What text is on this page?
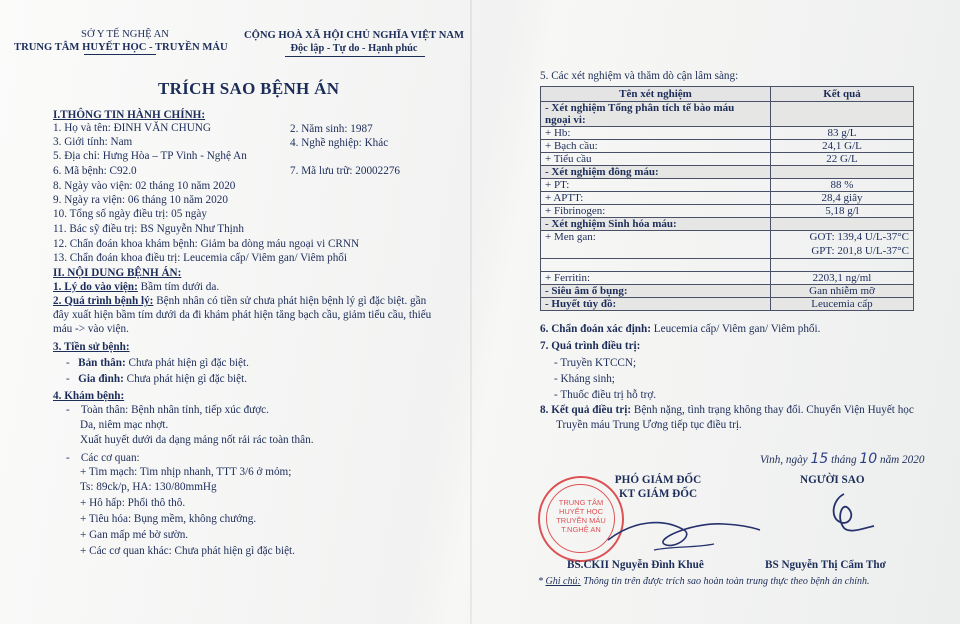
SỞ Y TẾ NGHỆ AN
TRUNG TÂM HUYẾT HỌC - TRUYỀN MÁU
CỘNG HOÀ XÃ HỘI CHỦ NGHĨA VIỆT NAM
Độc lập - Tự do - Hạnh phúc
TRÍCH SAO BỆNH ÁN
I.THÔNG TIN HÀNH CHÍNH:
1. Họ và tên: ĐINH VĂN CHUNG	2. Năm sinh: 1987
3. Giới tính: Nam	4. Nghề nghiệp: Khác
5. Địa chỉ: Hưng Hòa – TP Vinh - Nghệ An
6. Mã bệnh: C92.0	7. Mã lưu trữ: 20002276
8. Ngày vào viện: 02 tháng 10 năm 2020
9. Ngày ra viện: 06 tháng 10 năm 2020
10. Tổng số ngày điều trị: 05 ngày
11. Bác sỹ điều trị: BS Nguyễn Như Thịnh
12. Chẩn đoán khoa khám bệnh: Giảm ba dòng máu ngoại vi CRNN
13. Chẩn đoán khoa điều trị: Leucemia cấp/ Viêm gan/ Viêm phổi
II. NỘI DUNG BỆNH ÁN:
1. Lý do vào viện: Bầm tím dưới da.
2. Quá trình bệnh lý: Bệnh nhân có tiền sử chưa phát hiện bệnh lý gì đặc biệt. gần
đây xuất hiện bầm tím dưới da đi khám phát hiện tăng bạch cầu, giảm tiểu cầu, thiếu
máu -> vào viện.
3. Tiền sử bệnh:
-   Bản thân: Chưa phát hiện gì đặc biệt.
-   Gia đình: Chưa phát hiện gì đặc biệt.
4. Khám bệnh:
-    Toàn thân: Bệnh nhân tỉnh, tiếp xúc được.
Da, niêm mạc nhợt.
Xuất huyết dưới da dạng mảng nốt rải rác toàn thân.
-    Các cơ quan:
+ Tim mạch: Tim nhịp nhanh, TTT 3/6 ở mỏm;
Ts: 89ck/p, HA: 130/80mmHg
+ Hô hấp: Phổi thô thô.
+ Tiêu hóa: Bụng mềm, không chướng.
+ Gan mấp mé bờ sườn.
+ Các cơ quan khác: Chưa phát hiện gì đặc biệt.
5. Các xét nghiệm và thăm dò cận lâm sàng:
Tên xét nghiệm	Kết quả
- Xét nghiệm Tổng phân tích tế bào máu	
ngoại vi:	
+ Hb:	83 g/L
+ Bạch cầu:	24,1 G/L
+ Tiểu cầu	22 G/L
- Xét nghiệm đông máu:	
+ PT:	88 %
+ APTT:	28,4 giây
+ Fibrinogen:	5,18 g/l
- Xét nghiệm Sinh hóa máu:	
+ Men gan:	GOT: 139,4 U/L-37°C
	GPT: 201,8 U/L-37°C

+ Ferritin:	2203,1 ng/ml
- Siêu âm ổ bụng:	Gan nhiễm mỡ
- Huyết tủy đồ:	Leucemia cấp
6. Chẩn đoán xác định: Leucemia cấp/ Viêm gan/ Viêm phổi.
7. Quá trình điều trị:
- Truyền KTCCN;
- Kháng sinh;
- Thuốc điều trị hỗ trợ.
8. Kết quả điều trị: Bệnh nặng, tình trạng không thay đổi. Chuyển Viện Huyết học
Truyền máu Trung Ương tiếp tục điều trị.
Vinh, ngày 15 tháng 10 năm 2020
PHÓ GIÁM ĐỐC
KT GIÁM ĐỐC
NGƯỜI SAO
TRUNG TÂM HUYẾT HỌC TRUYỀN MÁU T.NGHỆ AN
BS.CKII Nguyễn Đình Khuê	BS Nguyễn Thị Cẩm Thơ
* Ghi chú: Thông tin trên được trích sao hoàn toàn trung thực theo bệnh án chính.
